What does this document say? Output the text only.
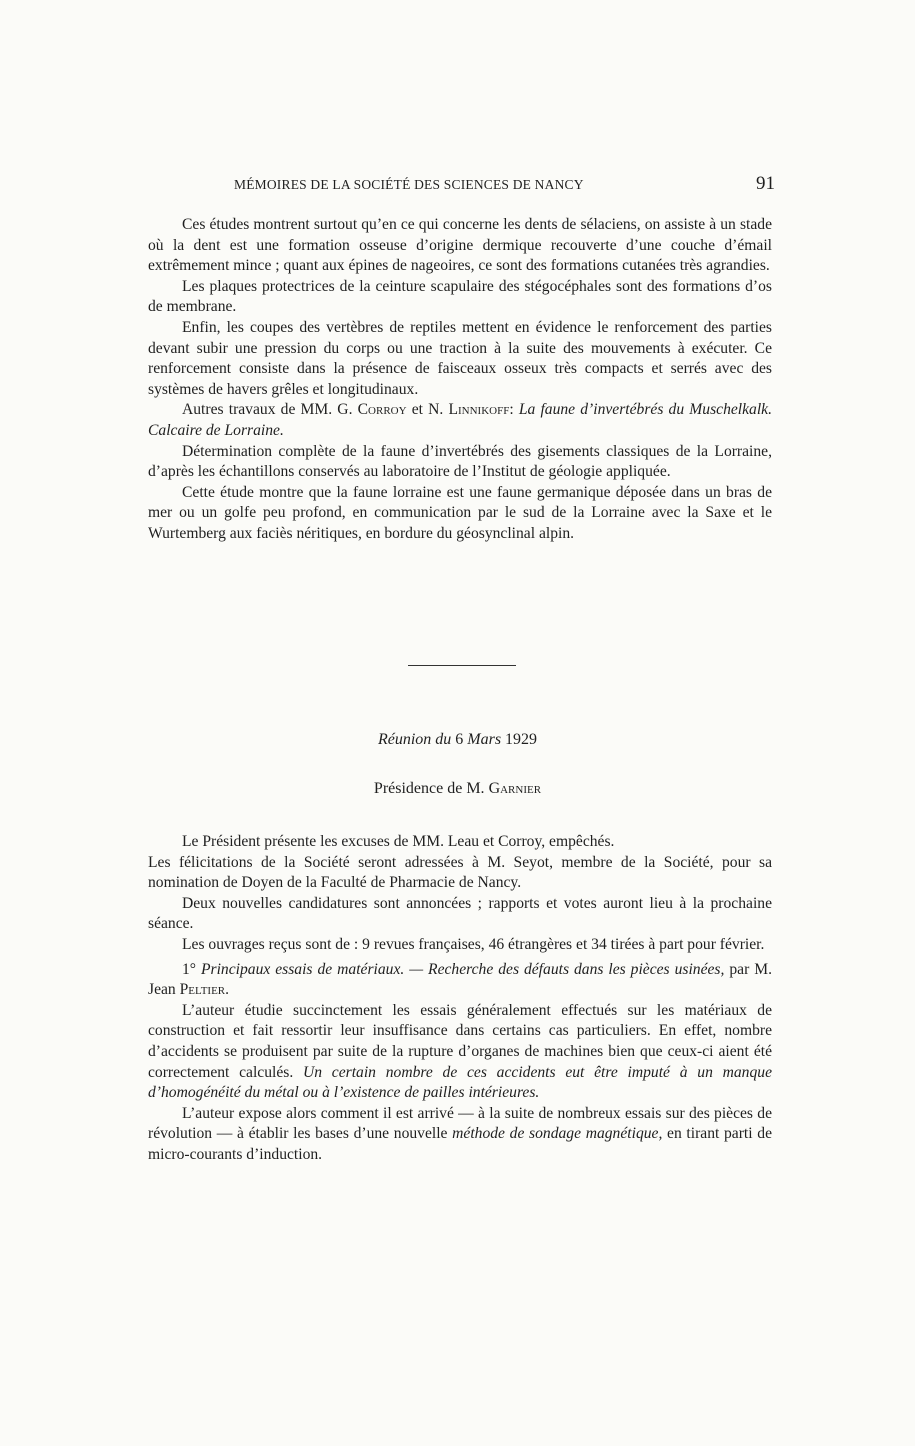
MÉMOIRES DE LA SOCIÉTÉ DES SCIENCES DE NANCY	91

Ces études montrent surtout qu’en ce qui concerne les dents de sélaciens, on assiste à un stade où la dent est une formation osseuse d’origine dermique recouverte d’une couche d’émail extrêmement mince ; quant aux épines de nageoires, ce sont des formations cutanées très agrandies.

Les plaques protectrices de la ceinture scapulaire des stégocéphales sont des formations d’os de membrane.

Enfin, les coupes des vertèbres de reptiles mettent en évidence le renforcement des parties devant subir une pression du corps ou une traction à la suite des mouvements à exécuter. Ce renforcement consiste dans la présence de faisceaux osseux très compacts et serrés avec des systèmes de havers grêles et longitudinaux.

Autres travaux de MM. G. Corroy et N. Linnikoff: La faune d’invertébrés du Muschelkalk. Calcaire de Lorraine.

Détermination complète de la faune d’invertébrés des gisements classiques de la Lorraine, d’après les échantillons conservés au laboratoire de l’Institut de géologie appliquée.

Cette étude montre que la faune lorraine est une faune germanique déposée dans un bras de mer ou un golfe peu profond, en communication par le sud de la Lorraine avec la Saxe et le Wurtemberg aux faciès néritiques, en bordure du géosynclinal alpin.

Réunion du 6 Mars 1929
Présidence de M. Garnier

Le Président présente les excuses de MM. Leau et Corroy, empêchés.

Les félicitations de la Société seront adressées à M. Seyot, membre de la Société, pour sa nomination de Doyen de la Faculté de Pharmacie de Nancy.

Deux nouvelles candidatures sont annoncées ; rapports et votes auront lieu à la prochaine séance.

Les ouvrages reçus sont de : 9 revues françaises, 46 étrangères et 34 tirées à part pour février.

1° Principaux essais de matériaux. — Recherche des défauts dans les pièces usinées, par M. Jean Peltier.

L’auteur étudie succinctement les essais généralement effectués sur les matériaux de construction et fait ressortir leur insuffisance dans certains cas particuliers. En effet, nombre d’accidents se produisent par suite de la rupture d’organes de machines bien que ceux-ci aient été correctement calculés. Un certain nombre de ces accidents eut être imputé à un manque d’homogénéité du métal ou à l’existence de pailles intérieures.

L’auteur expose alors comment il est arrivé — à la suite de nombreux essais sur des pièces de révolution — à établir les bases d’une nouvelle méthode de sondage magnétique, en tirant parti de micro-courants d’induction.
